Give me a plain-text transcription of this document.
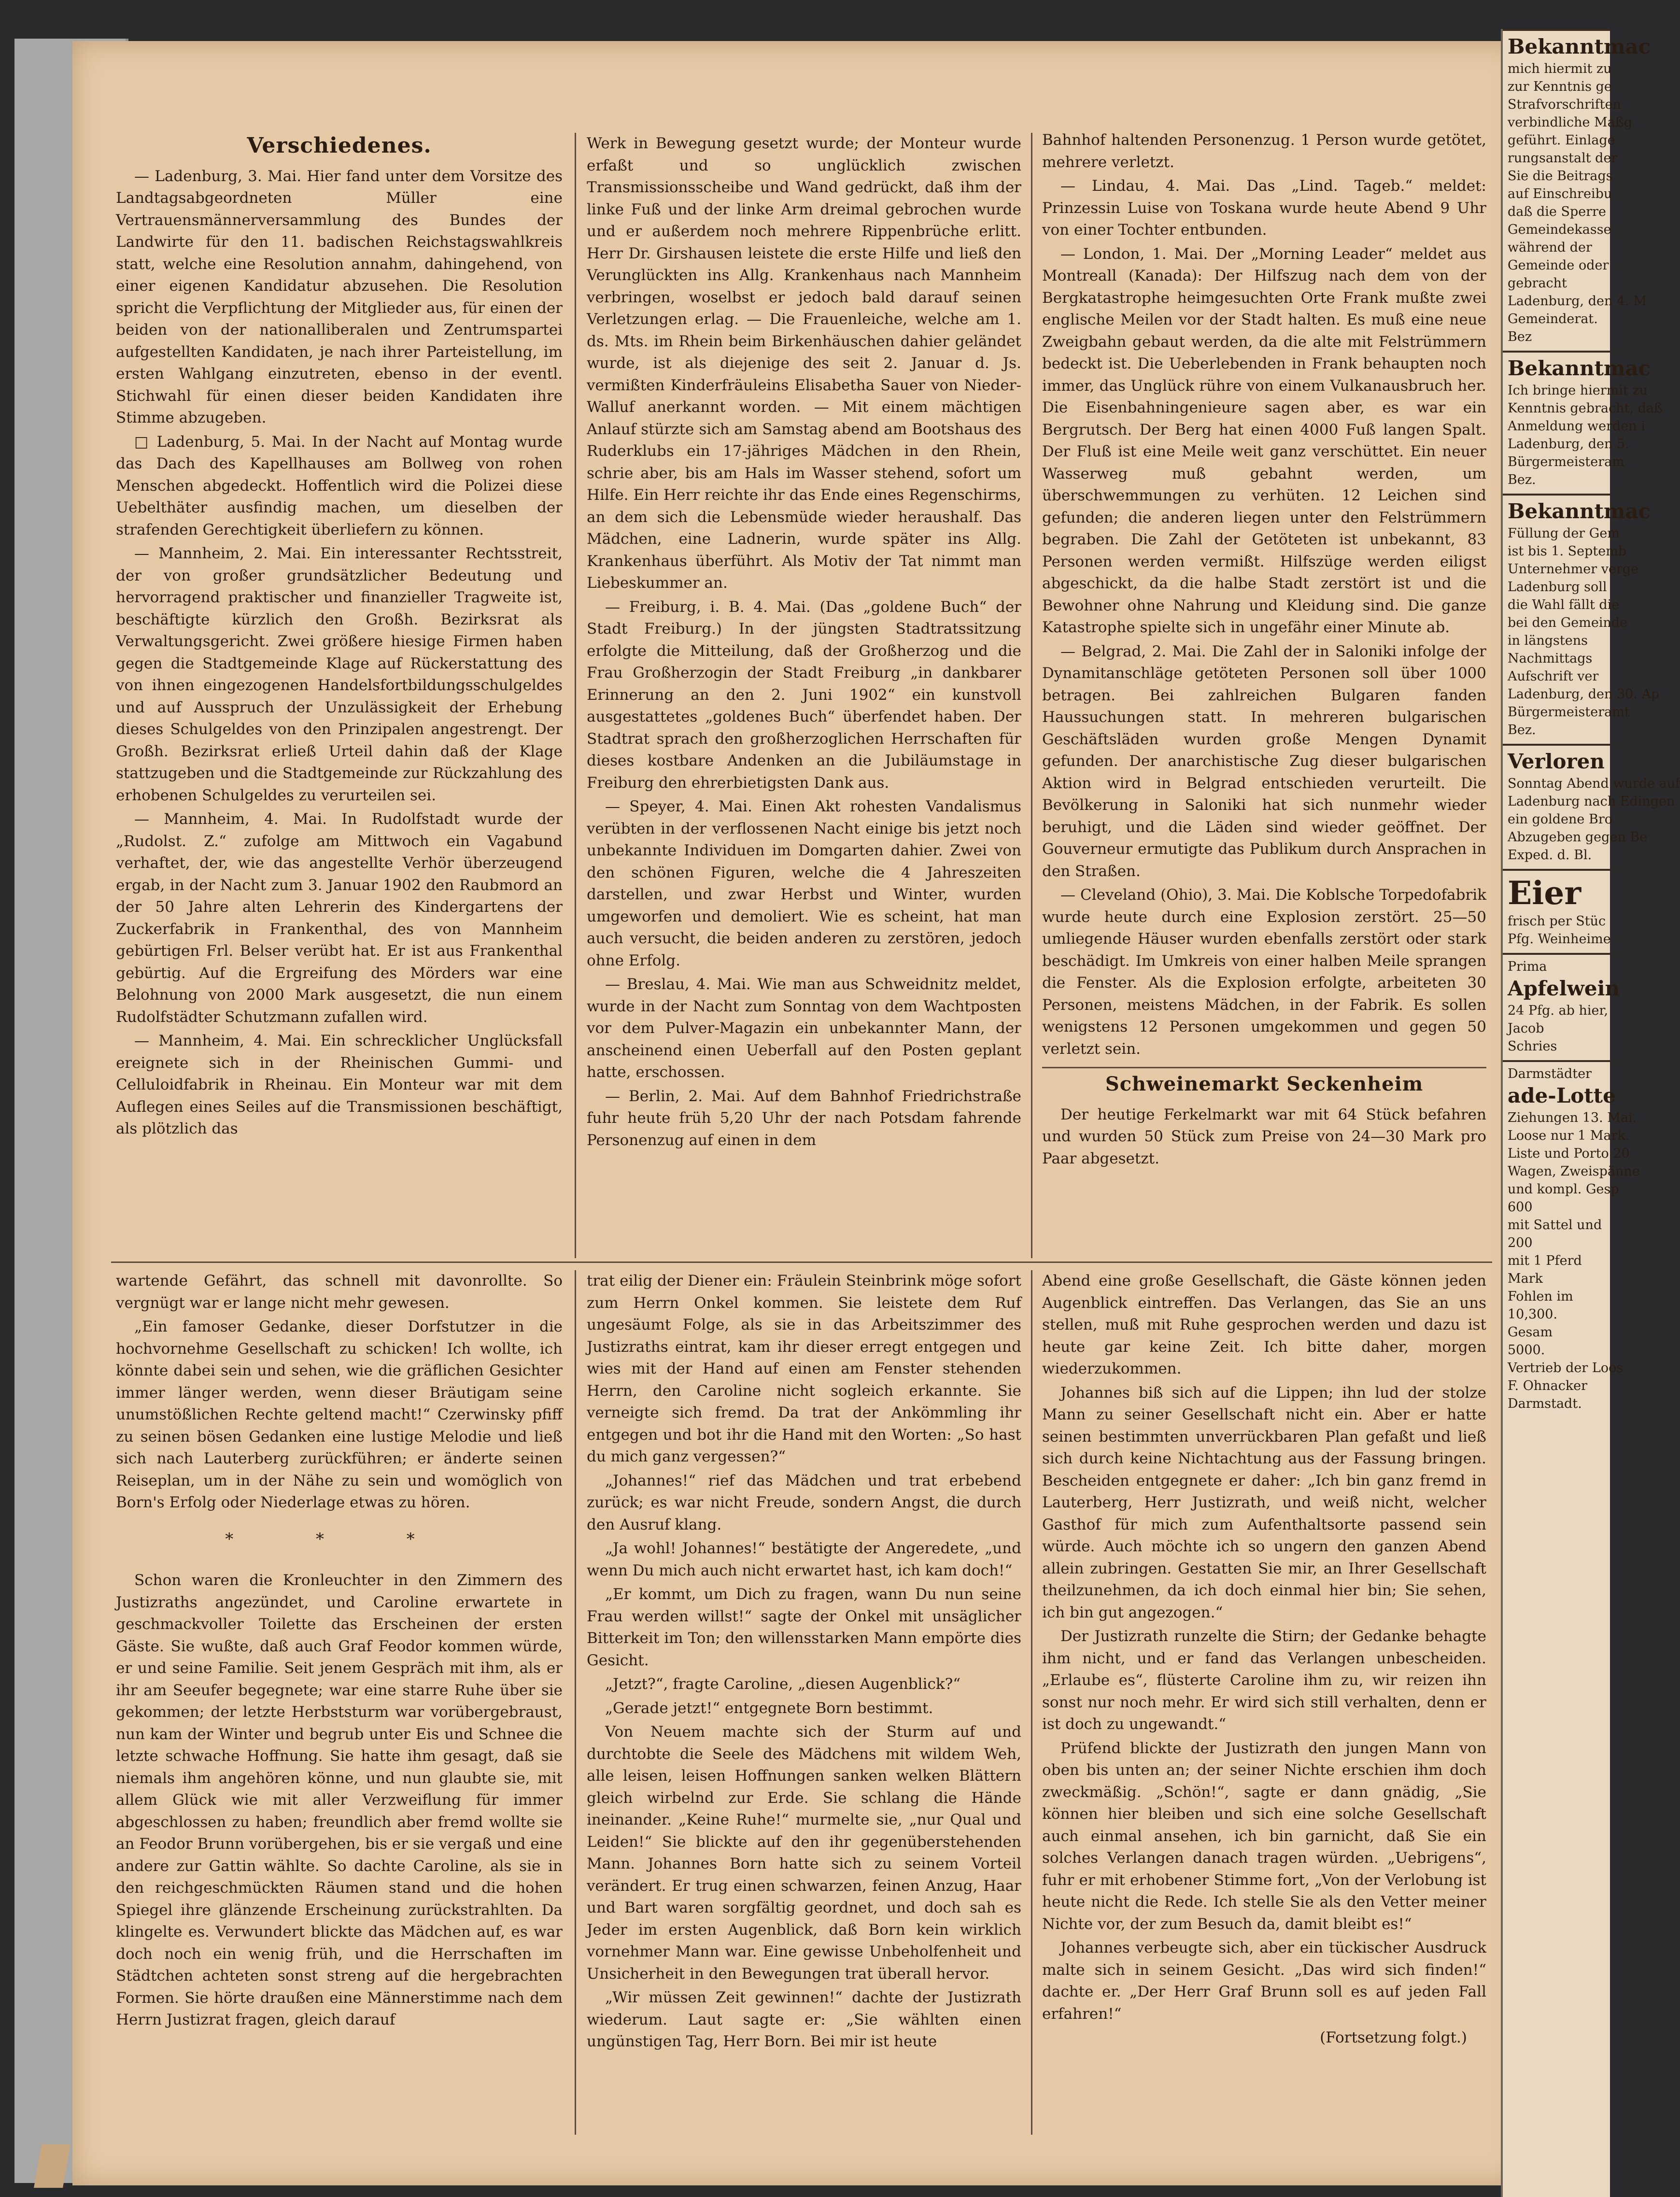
Verschiedenes.

— Ladenburg, 3. Mai. Hier fand unter dem Vorsitze des Landtagsabgeordneten Müller eine Vertrauensmännerversammlung des Bundes der Landwirte für den 11. badischen Reichstagswahlkreis statt, welche eine Resolution annahm, dahingehend, von einer eigenen Kandidatur abzusehen. Die Resolution spricht die Verpflichtung der Mitglieder aus, für einen der beiden von der nationalliberalen und Zentrumspartei aufgestellten Kandidaten, je nach ihrer Parteistellung, im ersten Wahlgang einzutreten, ebenso in der eventl. Stichwahl für einen dieser beiden Kandidaten ihre Stimme abzugeben.

□ Ladenburg, 5. Mai. In der Nacht auf Montag wurde das Dach des Kapellhauses am Bollweg von rohen Menschen abgedeckt. Hoffentlich wird die Polizei diese Uebelthäter ausfindig machen, um dieselben der strafenden Gerechtigkeit überliefern zu können.

— Mannheim, 2. Mai. Ein interessanter Rechtsstreit, der von großer grundsätzlicher Bedeutung und hervorragend praktischer und finanzieller Tragweite ist, beschäftigte kürzlich den Großh. Bezirksrat als Verwaltungsgericht. Zwei größere hiesige Firmen haben gegen die Stadtgemeinde Klage auf Rückerstattung des von ihnen eingezogenen Handelsfortbildungsschulgeldes und auf Ausspruch der Unzulässigkeit der Erhebung dieses Schulgeldes von den Prinzipalen angestrengt. Der Großh. Bezirksrat erließ Urteil dahin daß der Klage stattzugeben und die Stadtgemeinde zur Rückzahlung des erhobenen Schulgeldes zu verurteilen sei.

— Mannheim, 4. Mai. In Rudolfstadt wurde der „Rudolst. Z.“ zufolge am Mittwoch ein Vagabund verhaftet, der, wie das angestellte Verhör überzeugend ergab, in der Nacht zum 3. Januar 1902 den Raubmord an der 50 Jahre alten Lehrerin des Kindergartens der Zuckerfabrik in Frankenthal, des von Mannheim gebürtigen Frl. Belser verübt hat. Er ist aus Frankenthal gebürtig. Auf die Ergreifung des Mörders war eine Belohnung von 2000 Mark ausgesetzt, die nun einem Rudolfstädter Schutzmann zufallen wird.

— Mannheim, 4. Mai. Ein schrecklicher Unglücksfall ereignete sich in der Rheinischen Gummi- und Celluloidfabrik in Rheinau. Ein Monteur war mit dem Auflegen eines Seiles auf die Transmissionen beschäftigt, als plötzlich das

Werk in Bewegung gesetzt wurde; der Monteur wurde erfaßt und so unglücklich zwischen Transmissionsscheibe und Wand gedrückt, daß ihm der linke Fuß und der linke Arm dreimal gebrochen wurde und er außerdem noch mehrere Rippenbrüche erlitt. Herr Dr. Girshausen leistete die erste Hilfe und ließ den Verunglückten ins Allg. Krankenhaus nach Mannheim verbringen, woselbst er jedoch bald darauf seinen Verletzungen erlag. — Die Frauenleiche, welche am 1. ds. Mts. im Rhein beim Birkenhäuschen dahier geländet wurde, ist als diejenige des seit 2. Januar d. Js. vermißten Kinderfräuleins Elisabetha Sauer von Nieder-Walluf anerkannt worden. — Mit einem mächtigen Anlauf stürzte sich am Samstag abend am Bootshaus des Ruderklubs ein 17-jähriges Mädchen in den Rhein, schrie aber, bis am Hals im Wasser stehend, sofort um Hilfe. Ein Herr reichte ihr das Ende eines Regenschirms, an dem sich die Lebensmüde wieder heraushalf. Das Mädchen, eine Ladnerin, wurde später ins Allg. Krankenhaus überführt. Als Motiv der Tat nimmt man Liebeskummer an.

— Freiburg, i. B. 4. Mai. (Das „goldene Buch“ der Stadt Freiburg.) In der jüngsten Stadtratssitzung erfolgte die Mitteilung, daß der Großherzog und die Frau Großherzogin der Stadt Freiburg „in dankbarer Erinnerung an den 2. Juni 1902“ ein kunstvoll ausgestattetes „goldenes Buch“ überfendet haben. Der Stadtrat sprach den großherzoglichen Herrschaften für dieses kostbare Andenken an die Jubiläumstage in Freiburg den ehrerbietigsten Dank aus.

— Speyer, 4. Mai. Einen Akt rohesten Vandalismus verübten in der verflossenen Nacht einige bis jetzt noch unbekannte Individuen im Domgarten dahier. Zwei von den schönen Figuren, welche die 4 Jahreszeiten darstellen, und zwar Herbst und Winter, wurden umgeworfen und demoliert. Wie es scheint, hat man auch versucht, die beiden anderen zu zerstören, jedoch ohne Erfolg.

— Breslau, 4. Mai. Wie man aus Schweidnitz meldet, wurde in der Nacht zum Sonntag von dem Wachtposten vor dem Pulver-Magazin ein unbekannter Mann, der anscheinend einen Ueberfall auf den Posten geplant hatte, erschossen.

— Berlin, 2. Mai. Auf dem Bahnhof Friedrichstraße fuhr heute früh 5,20 Uhr der nach Potsdam fahrende Personenzug auf einen in dem

Bahnhof haltenden Personenzug. 1 Person wurde getötet, mehrere verletzt.

— Lindau, 4. Mai. Das „Lind. Tageb.“ meldet: Prinzessin Luise von Toskana wurde heute Abend 9 Uhr von einer Tochter entbunden.

— London, 1. Mai. Der „Morning Leader“ meldet aus Montreall (Kanada): Der Hilfszug nach dem von der Bergkatastrophe heimgesuchten Orte Frank mußte zwei englische Meilen vor der Stadt halten. Es muß eine neue Zweigbahn gebaut werden, da die alte mit Felstrümmern bedeckt ist. Die Ueberlebenden in Frank behaupten noch immer, das Unglück rühre von einem Vulkanausbruch her. Die Eisenbahningenieure sagen aber, es war ein Bergrutsch. Der Berg hat einen 4000 Fuß langen Spalt. Der Fluß ist eine Meile weit ganz verschüttet. Ein neuer Wasserweg muß gebahnt werden, um überschwemmungen zu verhüten. 12 Leichen sind gefunden; die anderen liegen unter den Felstrümmern begraben. Die Zahl der Getöteten ist unbekannt, 83 Personen werden vermißt. Hilfszüge werden eiligst abgeschickt, da die halbe Stadt zerstört ist und die Bewohner ohne Nahrung und Kleidung sind. Die ganze Katastrophe spielte sich in ungefähr einer Minute ab.

— Belgrad, 2. Mai. Die Zahl der in Saloniki infolge der Dynamitanschläge getöteten Personen soll über 1000 betragen. Bei zahlreichen Bulgaren fanden Haussuchungen statt. In mehreren bulgarischen Geschäftsläden wurden große Mengen Dynamit gefunden. Der anarchistische Zug dieser bulgarischen Aktion wird in Belgrad entschieden verurteilt. Die Bevölkerung in Saloniki hat sich nunmehr wieder beruhigt, und die Läden sind wieder geöffnet. Der Gouverneur ermutigte das Publikum durch Ansprachen in den Straßen.

— Cleveland (Ohio), 3. Mai. Die Koblsche Torpedofabrik wurde heute durch eine Explosion zerstört. 25—50 umliegende Häuser wurden ebenfalls zerstört oder stark beschädigt. Im Umkreis von einer halben Meile sprangen die Fenster. Als die Explosion erfolgte, arbeiteten 30 Personen, meistens Mädchen, in der Fabrik. Es sollen wenigstens 12 Personen umgekommen und gegen 50 verletzt sein.

Schweinemarkt Seckenheim

Der heutige Ferkelmarkt war mit 64 Stück befahren und wurden 50 Stück zum Preise von 24—30 Mark pro Paar abgesetzt.

wartende Gefährt, das schnell mit davonrollte. So vergnügt war er lange nicht mehr gewesen.

„Ein famoser Gedanke, dieser Dorfstutzer in die hochvornehme Gesellschaft zu schicken! Ich wollte, ich könnte dabei sein und sehen, wie die gräflichen Gesichter immer länger werden, wenn dieser Bräutigam seine unumstößlichen Rechte geltend macht!“ Czerwinsky pfiff zu seinen bösen Gedanken eine lustige Melodie und ließ sich nach Lauterberg zurückführen; er änderte seinen Reiseplan, um in der Nähe zu sein und womöglich von Born's Erfolg oder Niederlage etwas zu hören.

* * *

Schon waren die Kronleuchter in den Zimmern des Justizraths angezündet, und Caroline erwartete in geschmackvoller Toilette das Erscheinen der ersten Gäste. Sie wußte, daß auch Graf Feodor kommen würde, er und seine Familie. Seit jenem Gespräch mit ihm, als er ihr am Seeufer begegnete; war eine starre Ruhe über sie gekommen; der letzte Herbststurm war vorübergebraust, nun kam der Winter und begrub unter Eis und Schnee die letzte schwache Hoffnung. Sie hatte ihm gesagt, daß sie niemals ihm angehören könne, und nun glaubte sie, mit allem Glück wie mit aller Verzweiflung für immer abgeschlossen zu haben; freundlich aber fremd wollte sie an Feodor Brunn vorübergehen, bis er sie vergaß und eine andere zur Gattin wählte. So dachte Caroline, als sie in den reichgeschmückten Räumen stand und die hohen Spiegel ihre glänzende Erscheinung zurückstrahlten. Da klingelte es. Verwundert blickte das Mädchen auf, es war doch noch ein wenig früh, und die Herrschaften im Städtchen achteten sonst streng auf die hergebrachten Formen. Sie hörte draußen eine Männerstimme nach dem Herrn Justizrat fragen, gleich darauf

trat eilig der Diener ein: Fräulein Steinbrink möge sofort zum Herrn Onkel kommen. Sie leistete dem Ruf ungesäumt Folge, als sie in das Arbeitszimmer des Justizraths eintrat, kam ihr dieser erregt entgegen und wies mit der Hand auf einen am Fenster stehenden Herrn, den Caroline nicht sogleich erkannte. Sie verneigte sich fremd. Da trat der Ankömmling ihr entgegen und bot ihr die Hand mit den Worten: „So hast du mich ganz vergessen?“

„Johannes!“ rief das Mädchen und trat erbebend zurück; es war nicht Freude, sondern Angst, die durch den Ausruf klang.

„Ja wohl! Johannes!“ bestätigte der Angeredete, „und wenn Du mich auch nicht erwartet hast, ich kam doch!“

„Er kommt, um Dich zu fragen, wann Du nun seine Frau werden willst!“ sagte der Onkel mit unsäglicher Bitterkeit im Ton; den willensstarken Mann empörte dies Gesicht.

„Jetzt?“, fragte Caroline, „diesen Augenblick?“

„Gerade jetzt!“ entgegnete Born bestimmt.

Von Neuem machte sich der Sturm auf und durchtobte die Seele des Mädchens mit wildem Weh, alle leisen, leisen Hoffnungen sanken welken Blättern gleich wirbelnd zur Erde. Sie schlang die Hände ineinander. „Keine Ruhe!“ murmelte sie, „nur Qual und Leiden!“ Sie blickte auf den ihr gegenüberstehenden Mann. Johannes Born hatte sich zu seinem Vorteil verändert. Er trug einen schwarzen, feinen Anzug, Haar und Bart waren sorgfältig geordnet, und doch sah es Jeder im ersten Augenblick, daß Born kein wirklich vornehmer Mann war. Eine gewisse Unbeholfenheit und Unsicherheit in den Bewegungen trat überall hervor.

„Wir müssen Zeit gewinnen!“ dachte der Justizrath wiederum. Laut sagte er: „Sie wählten einen ungünstigen Tag, Herr Born. Bei mir ist heute

Abend eine große Gesellschaft, die Gäste können jeden Augenblick eintreffen. Das Verlangen, das Sie an uns stellen, muß mit Ruhe gesprochen werden und dazu ist heute gar keine Zeit. Ich bitte daher, morgen wiederzukommen.

Johannes biß sich auf die Lippen; ihn lud der stolze Mann zu seiner Gesellschaft nicht ein. Aber er hatte seinen bestimmten unverrückbaren Plan gefaßt und ließ sich durch keine Nichtachtung aus der Fassung bringen. Bescheiden entgegnete er daher: „Ich bin ganz fremd in Lauterberg, Herr Justizrath, und weiß nicht, welcher Gasthof für mich zum Aufenthaltsorte passend sein würde. Auch möchte ich so ungern den ganzen Abend allein zubringen. Gestatten Sie mir, an Ihrer Gesellschaft theilzunehmen, da ich doch einmal hier bin; Sie sehen, ich bin gut angezogen.“

Der Justizrath runzelte die Stirn; der Gedanke behagte ihm nicht, und er fand das Verlangen unbescheiden. „Erlaube es“, flüsterte Caroline ihm zu, wir reizen ihn sonst nur noch mehr. Er wird sich still verhalten, denn er ist doch zu ungewandt.“

Prüfend blickte der Justizrath den jungen Mann von oben bis unten an; der seiner Nichte erschien ihm doch zweckmäßig. „Schön!“, sagte er dann gnädig, „Sie können hier bleiben und sich eine solche Gesellschaft auch einmal ansehen, ich bin garnicht, daß Sie ein solches Verlangen danach tragen würden. „Uebrigens“, fuhr er mit erhobener Stimme fort, „Von der Verlobung ist heute nicht die Rede. Ich stelle Sie als den Vetter meiner Nichte vor, der zum Besuch da, damit bleibt es!“

Johannes verbeugte sich, aber ein tückischer Ausdruck malte sich in seinem Gesicht. „Das wird sich finden!“ dachte er. „Der Herr Graf Brunn soll es auf jeden Fall erfahren!“

(Fortsetzung folgt.)
Bekanntmac
mich hiermit zu
zur Kenntnis ge
Strafvorschriften
verbindliche Maßg
geführt. Einlage
rungsanstalt der
Sie die Beitrags
auf Einschreibu
daß die Sperre
Gemeindekasse
während der
Gemeinde oder
gebracht
Ladenburg, den 4. M
Gemeinderat.
Bez
Bekanntmac
Ich bringe hiermit zu
Kenntnis gebracht, daß
Anmeldung werden i
Ladenburg, den 5.
Bürgermeisteram
Bez.
Bekanntmac
Füllung der Gem
ist bis 1. Septemb
Unternehmer verge
Ladenburg soll
die Wahl fällt die
bei den Gemeinde
in längstens
Nachmittags
Aufschrift ver
Ladenburg, den 30. Ap
Bürgermeisteramt
Bez.
Verloren
Sonntag Abend wurde auf
Ladenburg nach Edingen
ein goldene Bro
Abzugeben gegen Be
Exped. d. Bl.
Eier
frisch per Stüc
Pfg. Weinheime
Prima
Apfelwein
24 Pfg. ab hier,
Jacob
Schries
Darmstädter
ade-Lotte
Ziehungen 13. Mai.
Loose nur 1 Mark.
Liste und Porto 20
Wagen, Zweispänne
und kompl. Gesp
600
mit Sattel und
200
mit 1 Pferd
Mark
Fohlen im
10,300.
Gesam
5000.
Vertrieb der Loos
F. Ohnacker
Darmstadt.
